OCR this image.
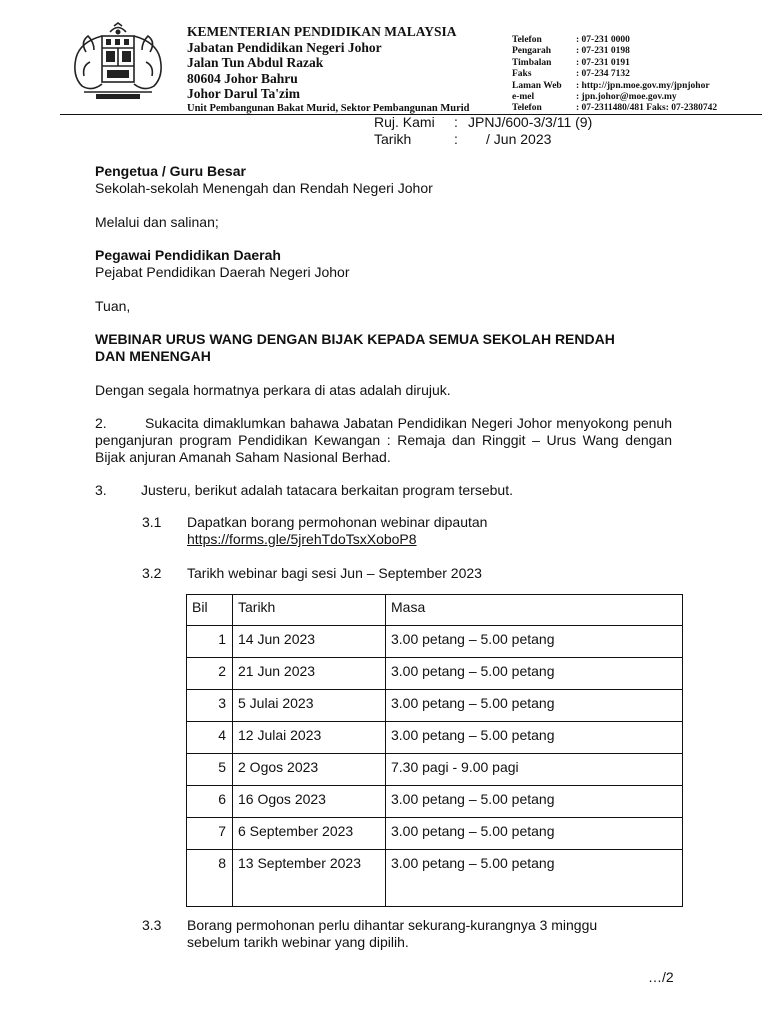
KEMENTERIAN PENDIDIKAN MALAYSIA
Jabatan Pendidikan Negeri Johor
Jalan Tun Abdul Razak
80604 Johor Bahru
Johor Darul Ta'zim
Unit Pembangunan Bakat Murid, Sektor Pembangunan Murid
Telefon	: 07-231 0000
Pengarah	: 07-231 0198
Timbalan	: 07-231 0191
Faks	: 07-234 7132
Laman Web	: http://jpn.moe.gov.my/jpnjohor
e-mel	: jpn.johor@moe.gov.my
Telefon	: 07-2311480/481 Faks: 07-2380742
Ruj. Kami	: JPNJ/600-3/3/11 (9)
Tarikh	:	/ Jun 2023
Pengetua / Guru Besar
Sekolah-sekolah Menengah dan Rendah Negeri Johor
Melalui dan salinan;
Pegawai Pendidikan Daerah
Pejabat Pendidikan Daerah Negeri Johor
Tuan,
WEBINAR URUS WANG DENGAN BIJAK KEPADA SEMUA SEKOLAH RENDAH
DAN MENENGAH
Dengan segala hormatnya perkara di atas adalah dirujuk.
2.	Sukacita dimaklumkan bahawa Jabatan Pendidikan Negeri Johor menyokong penuh penganjuran program Pendidikan Kewangan : Remaja dan Ringgit – Urus Wang dengan Bijak anjuran Amanah Saham Nasional Berhad.
3. Justeru, berikut adalah tatacara berkaitan program tersebut.
3.1 Dapatkan borang permohonan webinar dipautan
https://forms.gle/5jrehTdoTsxXoboP8
3.2 Tarikh webinar bagi sesi Jun – September 2023
Bil	Tarikh	Masa
1	14 Jun 2023	3.00 petang – 5.00 petang
2	21 Jun 2023	3.00 petang – 5.00 petang
3	5 Julai 2023	3.00 petang – 5.00 petang
4	12 Julai 2023	3.00 petang – 5.00 petang
5	2 Ogos 2023	7.30 pagi - 9.00 pagi
6	16 Ogos 2023	3.00 petang – 5.00 petang
7	6 September 2023	3.00 petang – 5.00 petang
8	13 September 2023	3.00 petang – 5.00 petang
3.3 Borang permohonan perlu dihantar sekurang-kurangnya 3 minggu
sebelum tarikh webinar yang dipilih.
…/2
